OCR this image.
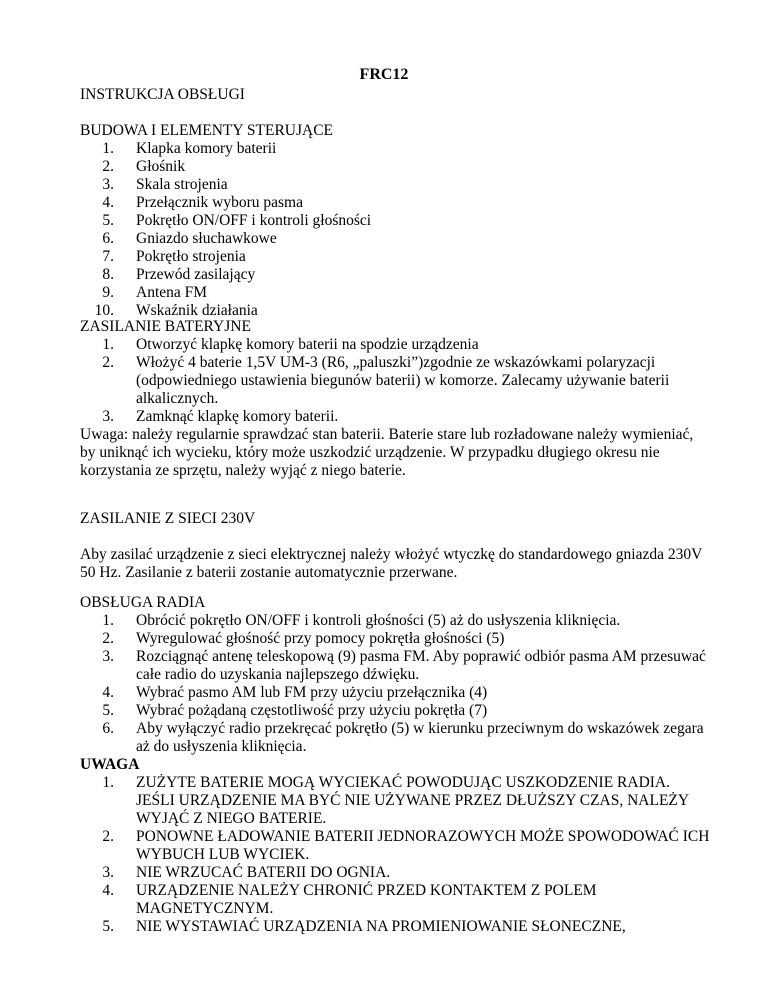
FRC12
INSTRUKCJA OBSŁUGI
BUDOWA I ELEMENTY STERUJĄCE
1. Klapka komory baterii
2. Głośnik
3. Skala strojenia
4. Przełącznik wyboru pasma
5. Pokrętło ON/OFF i kontroli głośności
6. Gniazdo słuchawkowe
7. Pokrętło strojenia
8. Przewód zasilający
9. Antena FM
10. Wskaźnik działania
ZASILANIE BATERYJNE
1. Otworzyć klapkę komory baterii na spodzie urządzenia
2. Włożyć 4 baterie 1,5V UM-3 (R6, „paluszki”)zgodnie ze wskazówkami polaryzacji
(odpowiedniego ustawienia biegunów baterii) w komorze. Zalecamy używanie baterii
alkalicznych.
3. Zamknąć klapkę komory baterii.
Uwaga: należy regularnie sprawdzać stan baterii. Baterie stare lub rozładowane należy wymieniać,
by uniknąć ich wycieku, który może uszkodzić urządzenie. W przypadku długiego okresu nie
korzystania ze sprzętu, należy wyjąć z niego baterie.
ZASILANIE Z SIECI 230V
Aby zasilać urządzenie z sieci elektrycznej należy włożyć wtyczkę do standardowego gniazda 230V
50 Hz. Zasilanie z baterii zostanie automatycznie przerwane.
OBSŁUGA RADIA
1. Obrócić pokrętło ON/OFF i kontroli głośności (5) aż do usłyszenia kliknięcia.
2. Wyregulować głośność przy pomocy pokrętła głośności (5)
3. Rozciągnąć antenę teleskopową (9) pasma FM. Aby poprawić odbiór pasma AM przesuwać
całe radio do uzyskania najlepszego dźwięku.
4. Wybrać pasmo AM lub FM przy użyciu przełącznika (4)
5. Wybrać pożądaną częstotliwość przy użyciu pokrętła (7)
6. Aby wyłączyć radio przekręcać pokrętło (5) w kierunku przeciwnym do wskazówek zegara
aż do usłyszenia kliknięcia.
UWAGA
1. ZUŻYTE BATERIE MOGĄ WYCIEKAĆ POWODUJĄC USZKODZENIE RADIA.
JEŚLI URZĄDZENIE MA BYĆ NIE UŻYWANE PRZEZ DŁUŻSZY CZAS, NALEŻY
WYJĄĆ Z NIEGO BATERIE.
2. PONOWNE ŁADOWANIE BATERII JEDNORAZOWYCH MOŻE SPOWODOWAĆ ICH
WYBUCH LUB WYCIEK.
3. NIE WRZUCAĆ BATERII DO OGNIA.
4. URZĄDZENIE NALEŻY CHRONIĆ PRZED KONTAKTEM Z POLEM
MAGNETYCZNYM.
5. NIE WYSTAWIAĆ URZĄDZENIA NA PROMIENIOWANIE SŁONECZNE,
